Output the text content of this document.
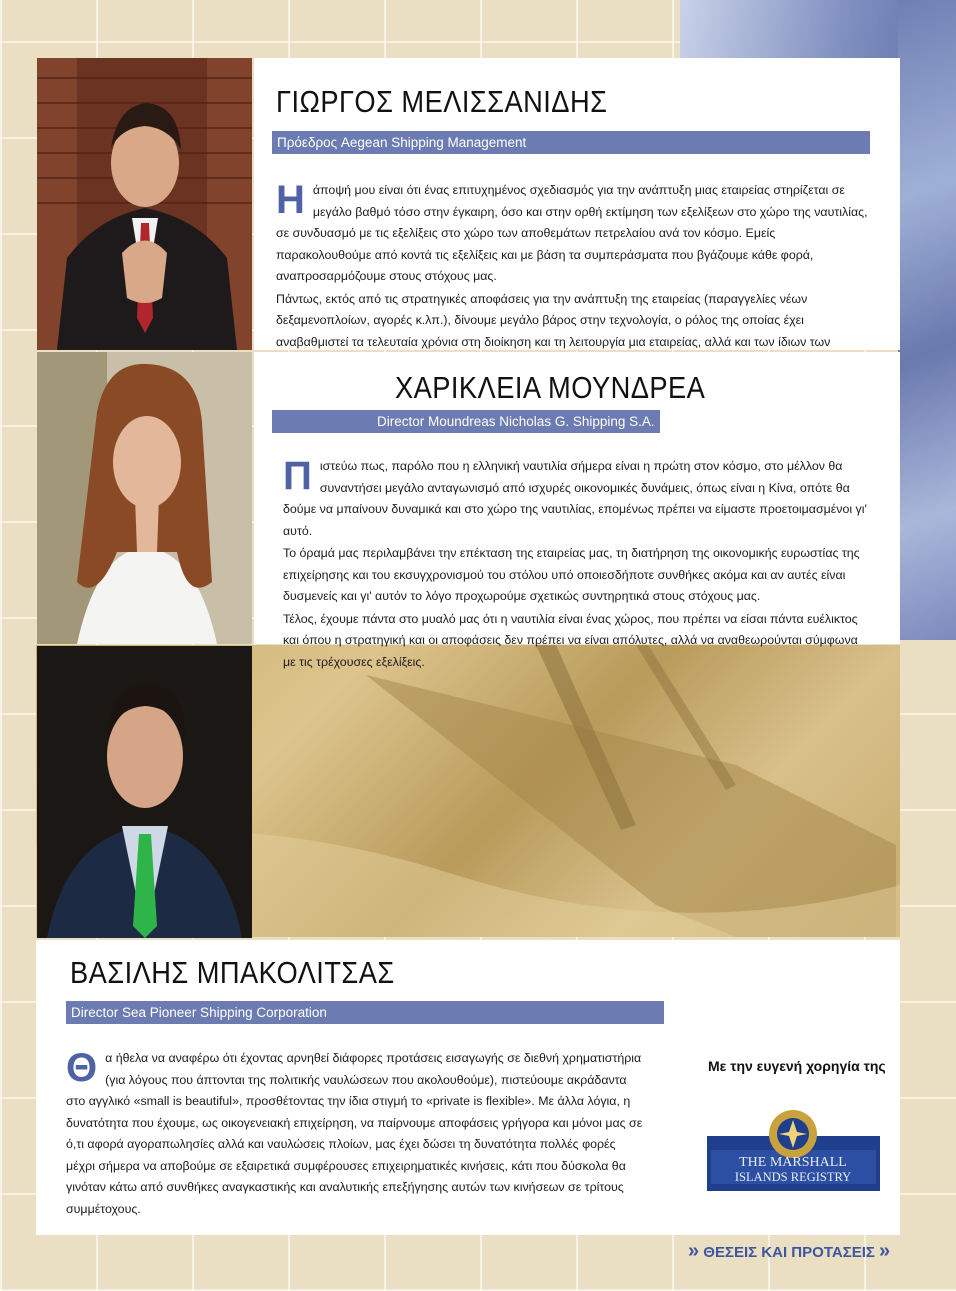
ΓΙΩΡΓΟΣ ΜΕΛΙΣΣΑΝΙΔΗΣ
Πρόεδρος Aegean Shipping Management

Ηάποψή μου είναι ότι ένας επιτυχημένος σχεδιασμός για την ανάπτυξη μιας εταιρείας στηρίζεται σε μεγάλο βαθμό τόσο στην έγκαιρη, όσο και στην ορθή εκτίμηση των εξελίξεων στο χώρο της ναυτιλίας, σε συνδυασμό με τις εξελίξεις στο χώρο των αποθεμάτων πετρελαίου ανά τον κόσμο. Εμείς παρακολουθούμε από κοντά τις εξελίξεις και με βάση τα συμπεράσματα που βγάζουμε κάθε φορά, αναπροσαρμόζουμε στους στόχους μας.

Πάντως, εκτός από τις στρατηγικές αποφάσεις για την ανάπτυξη της εταιρείας (παραγγελίες νέων δεξαμενοπλοίων, αγορές κ.λπ.), δίνουμε μεγάλο βάρος στην τεχνολογία, ο ρόλος της οποίας έχει αναβαθμιστεί τα τελευταία χρόνια στη διοίκηση και τη λειτουργία μια εταιρείας, αλλά και των ίδιων των

ΧΑΡΙΚΛΕΙΑ ΜΟΥΝΔΡΕΑ
Director Moundreas Nicholas G. Shipping S.A.

Πιστεύω πως, παρόλο που η ελληνική ναυτιλία σήμερα είναι η πρώτη στον κόσμο, στο μέλλον θα συναντήσει μεγάλο ανταγωνισμό από ισχυρές οικονομικές δυνάμεις, όπως είναι η Κίνα, οπότε θα δούμε να μπαίνουν δυναμικά και στο χώρο της ναυτιλίας, επομένως πρέπει να είμαστε προετοιμασμένοι γι' αυτό.

Το όραμά μας περιλαμβάνει την επέκταση της εταιρείας μας, τη διατήρηση της οικονομικής ευρωστίας της επιχείρησης και του εκσυγχρονισμού του στόλου υπό οποιεσδήποτε συνθήκες ακόμα και αν αυτές είναι δυσμενείς και γι' αυτόν το λόγο προχωρούμε σχετικώς συντηρητικά στους στόχους μας.

Τέλος, έχουμε πάντα στο μυαλό μας ότι η ναυτιλία είναι ένας χώρος, που πρέπει να είσαι πάντα ευέλικτος και όπου η στρατηγική και οι αποφάσεις δεν πρέπει να είναι απόλυτες, αλλά να αναθεωρούνται σύμφωνα με τις τρέχουσες εξελίξεις.

ΒΑΣΙΛΗΣ ΜΠΑΚΟΛΙΤΣΑΣ
Director Sea Pioneer Shipping Corporation

Θα ήθελα να αναφέρω ότι έχοντας αρνηθεί διάφορες προτάσεις εισαγωγής σε διεθνή χρηματιστήρια (για λόγους που άπτονται της πολιτικής ναυλώσεων που ακολουθούμε), πιστεύουμε ακράδαντα στο αγγλικό «small is beautiful», προσθέτοντας την ίδια στιγμή το «private is flexible». Με άλλα λόγια, η δυνατότητα που έχουμε, ως οικογενειακή επιχείρηση, να παίρνουμε αποφάσεις γρήγορα και μόνοι μας σε ό,τι αφορά αγοραπωλησίες αλλά και ναυλώσεις πλοίων, μας έχει δώσει τη δυνατότητα πολλές φορές μέχρι σήμερα να αποβούμε σε εξαιρετικά συμφέρουσες επιχειρηματικές κινήσεις, κάτι που δύσκολα θα γινόταν κάτω από συνθήκες αναγκαστικής και αναλυτικής επεξήγησης αυτών των κινήσεων σε τρίτους συμμέτοχους.

Με την ευγενή χορηγία της
THE MARSHALL
ISLANDS REGISTRY
» ΘΕΣΕΙΣ ΚΑΙ ΠΡΟΤΑΣΕΙΣ »
